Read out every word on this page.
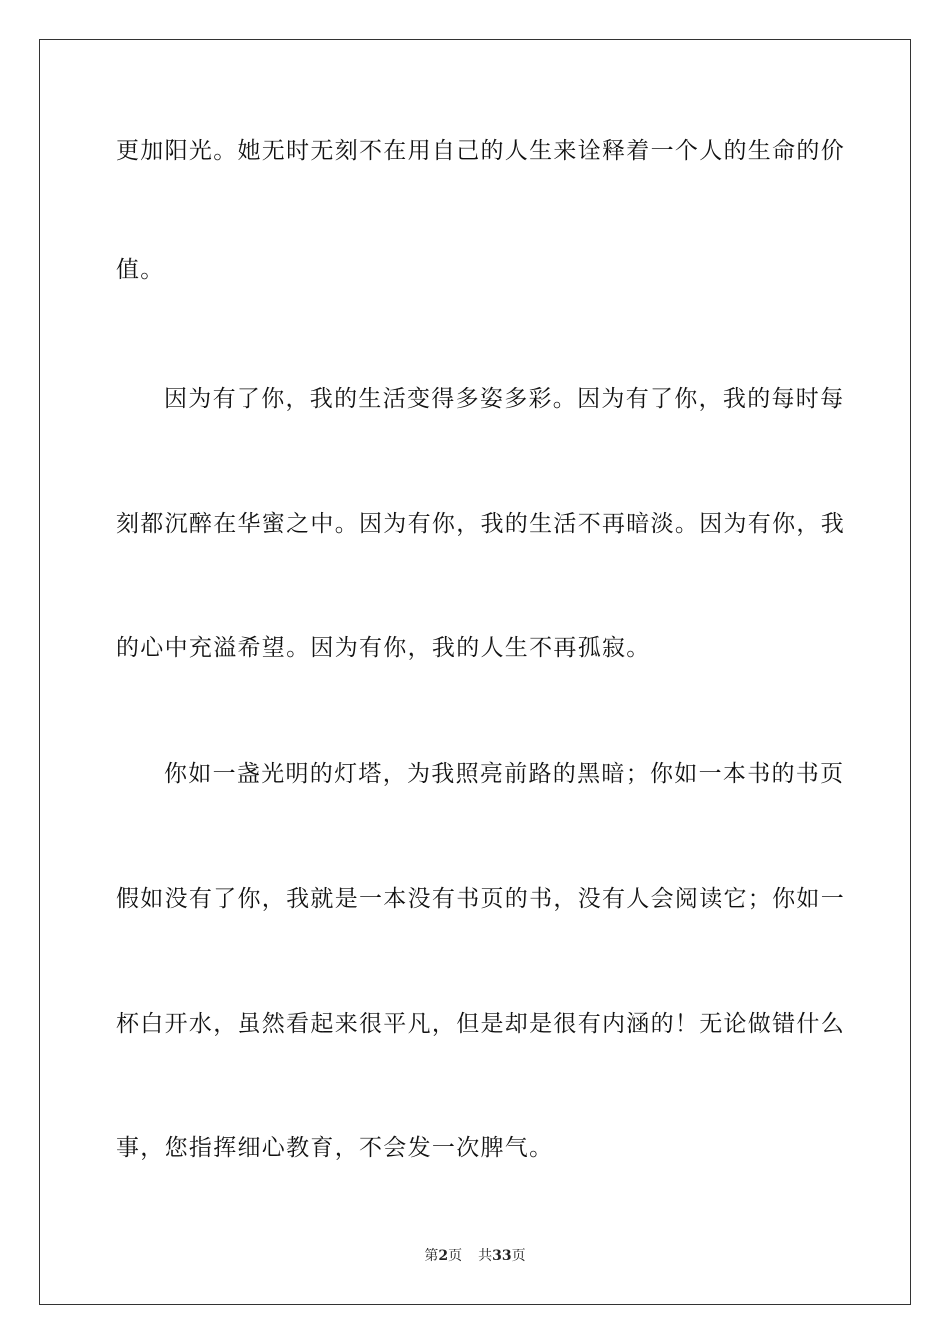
更加阳光。她无时无刻不在用自己的人生来诠释着一个人的生命的价
值。
因为有了你，我的生活变得多姿多彩。因为有了你，我的每时每
刻都沉醉在华蜜之中。因为有你，我的生活不再暗淡。因为有你，我
的心中充溢希望。因为有你，我的人生不再孤寂。
你如一盏光明的灯塔，为我照亮前路的黑暗；你如一本书的书页
假如没有了你，我就是一本没有书页的书，没有人会阅读它；你如一
杯白开水，虽然看起来很平凡，但是却是很有内涵的！无论做错什么
事，您指挥细心教育，不会发一次脾气。
第2页 共33页
